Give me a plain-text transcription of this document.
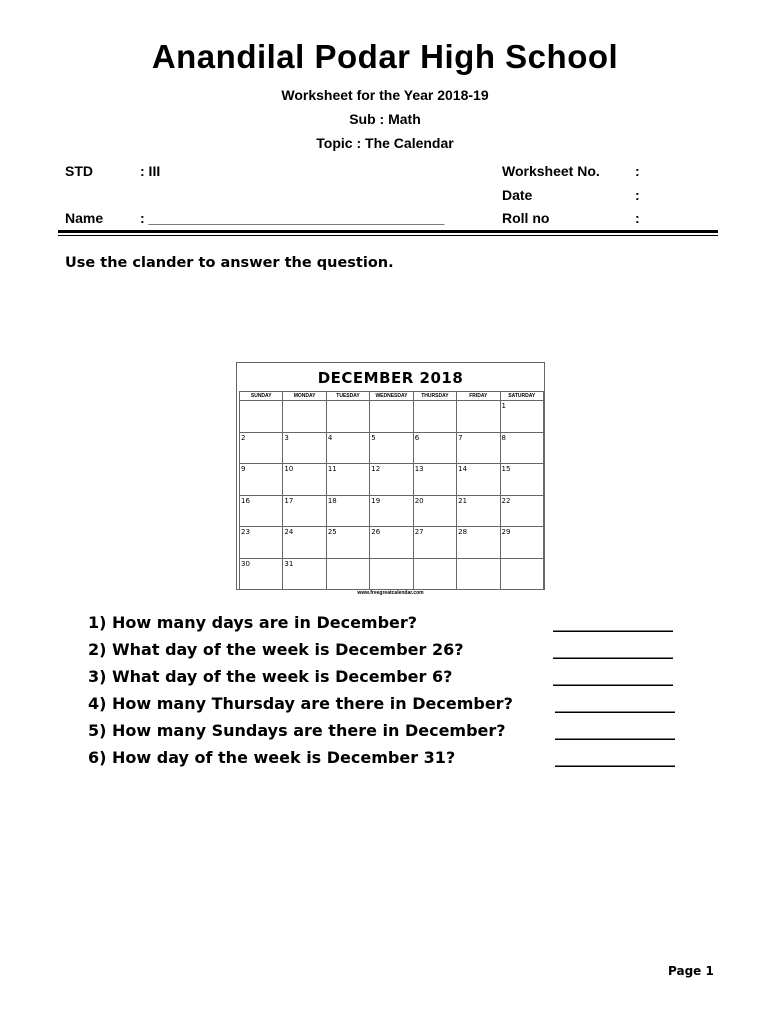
Anandilal Podar High School
Worksheet for the Year 2018-19
Sub : Math
Topic : The Calendar
STD	: III
Name	: ______________________________________
Worksheet No.	:
Date	:
Roll no	:
Use the clander to answer the question.
DECEMBER 2018
SUNDAY	MONDAY	TUESDAY	WEDNESDAY	THURSDAY	FRIDAY	SATURDAY
						1
2	3	4	5	6	7	8
9	10	11	12	13	14	15
16	17	18	19	20	21	22
23	24	25	26	27	28	29
30	31					
www.freegreatcalendar.com
1) How many days are in December?	_______________
2) What day of the week is December 26?	_______________
3) What day of the week is December 6?	_______________
4) How many Thursday are there in December?	_______________
5) How many Sundays are there in December?	_______________
6) How day of the week is December 31?	_______________
Page 1
